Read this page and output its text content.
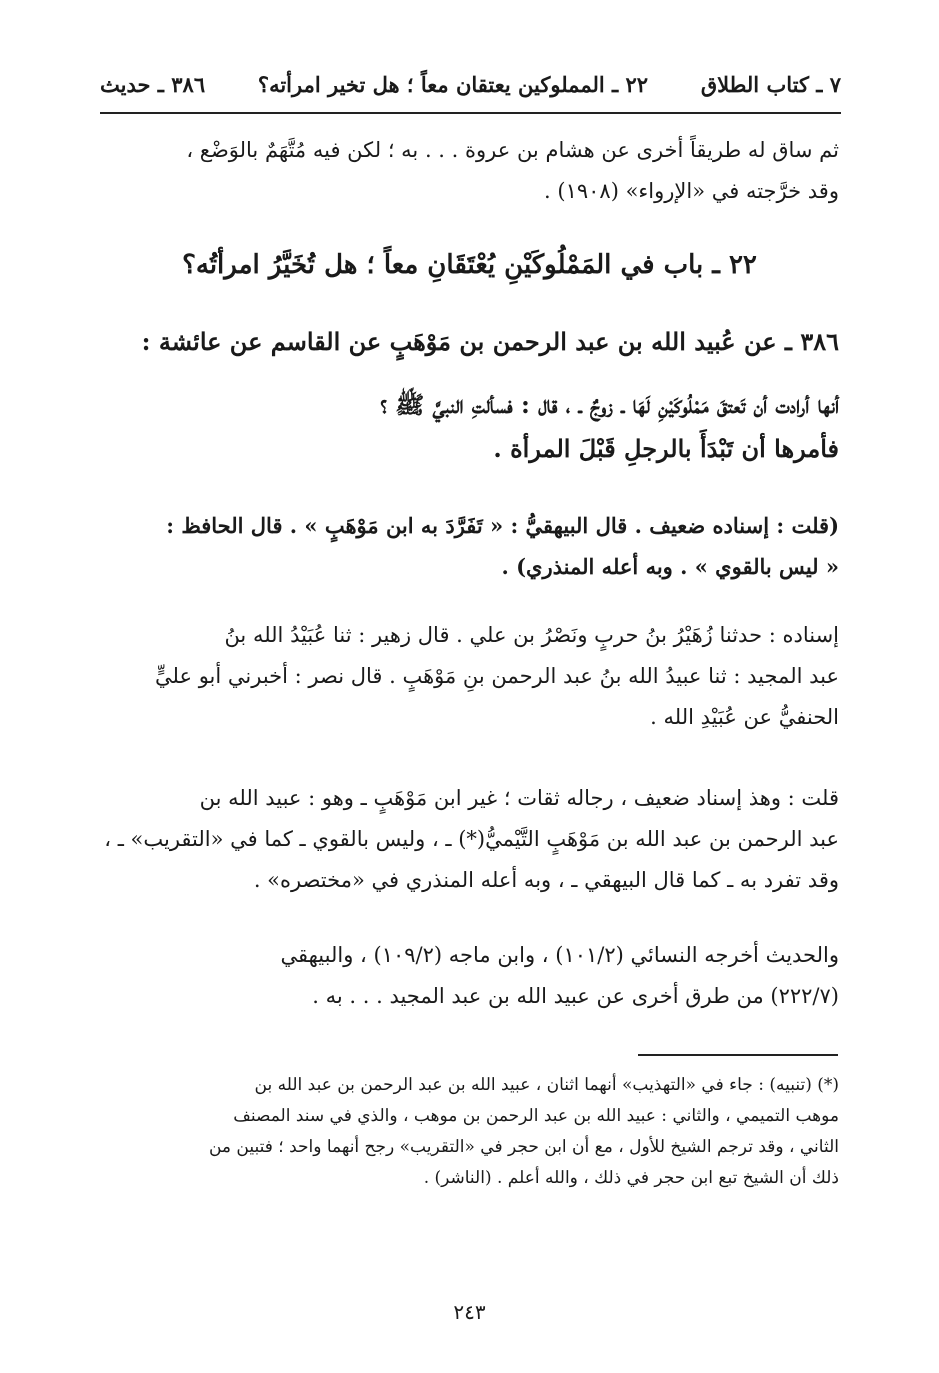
٧ ـ كتاب الطلاق
٢٢ ـ المملوكين يعتقان معاً ؛ هل تخير امرأته؟
٣٨٦ ـ حديث
ثم ساق له طريقاً أخرى عن هشام بن عروة . . . به ؛ لكن فيه مُتَّهَمٌ بالوَضْع ،
وقد خرَّجته في «الإرواء» (١٩٠٨) .
٢٢ ـ باب في المَمْلُوكَيْنِ يُعْتَقَانِ معاً ؛ هل تُخَيَّرُ امرأتُه؟
٣٨٦ ـ عن عُبيد الله بن عبد الرحمن بن مَوْهَبٍ عن القاسم عن عائشة :
أنها أرادت أن تَعتقَ مَمْلُوكَيْنِ لَهَا ـ زوجٌ ـ ، قال : فسألتِ النبيَّ ﷺ ؟
فأمرها أن تَبْدَأَ بالرجلِ قَبْلَ المرأة .
(قلت : إسناده ضعيف . قال البيهقيُّ : « تَفَرَّدَ به ابن مَوْهَبٍ » . قال الحافظ :
« ليس بالقوي » . وبه أعله المنذري) .
إسناده : حدثنا زُهَيْرُ بنُ حربٍ ونَصْرُ بن علي . قال زهير : ثنا عُبَيْدُ الله بنُ
عبد المجيد : ثنا عبيدُ الله بنُ عبد الرحمن بنِ مَوْهَبٍ . قال نصر : أخبرني أبو عليٍّ
الحنفيُّ عن عُبَيْدِ الله .
قلت : وهذ إسناد ضعيف ، رجاله ثقات ؛ غير ابن مَوْهَبٍ ـ وهو : عبيد الله بن
عبد الرحمن بن عبد الله بن مَوْهَبٍ التَّيْميُّ(*) ـ ، وليس بالقوي ـ كما في «التقريب» ـ ،
وقد تفرد به ـ كما قال البيهقي ـ ، وبه أعله المنذري في «مختصره» .
والحديث أخرجه النسائي (١٠١/٢) ، وابن ماجه (١٠٩/٢) ، والبيهقي
(٢٢٢/٧) من طرق أخرى عن عبيد الله بن عبد المجيد . . . به .
(*) (تنبيه) : جاء في «التهذيب» أنهما اثنان ، عبيد الله بن عبد الرحمن بن عبد الله بن
موهب التميمي ، والثاني : عبيد الله بن عبد الرحمن بن موهب ، والذي في سند المصنف
الثاني ، وقد ترجم الشيخ للأول ، مع أن ابن حجر في «التقريب» رجح أنهما واحد ؛ فتبين من
ذلك أن الشيخ تبع ابن حجر في ذلك ، والله أعلم . (الناشر) .
٢٤٣
